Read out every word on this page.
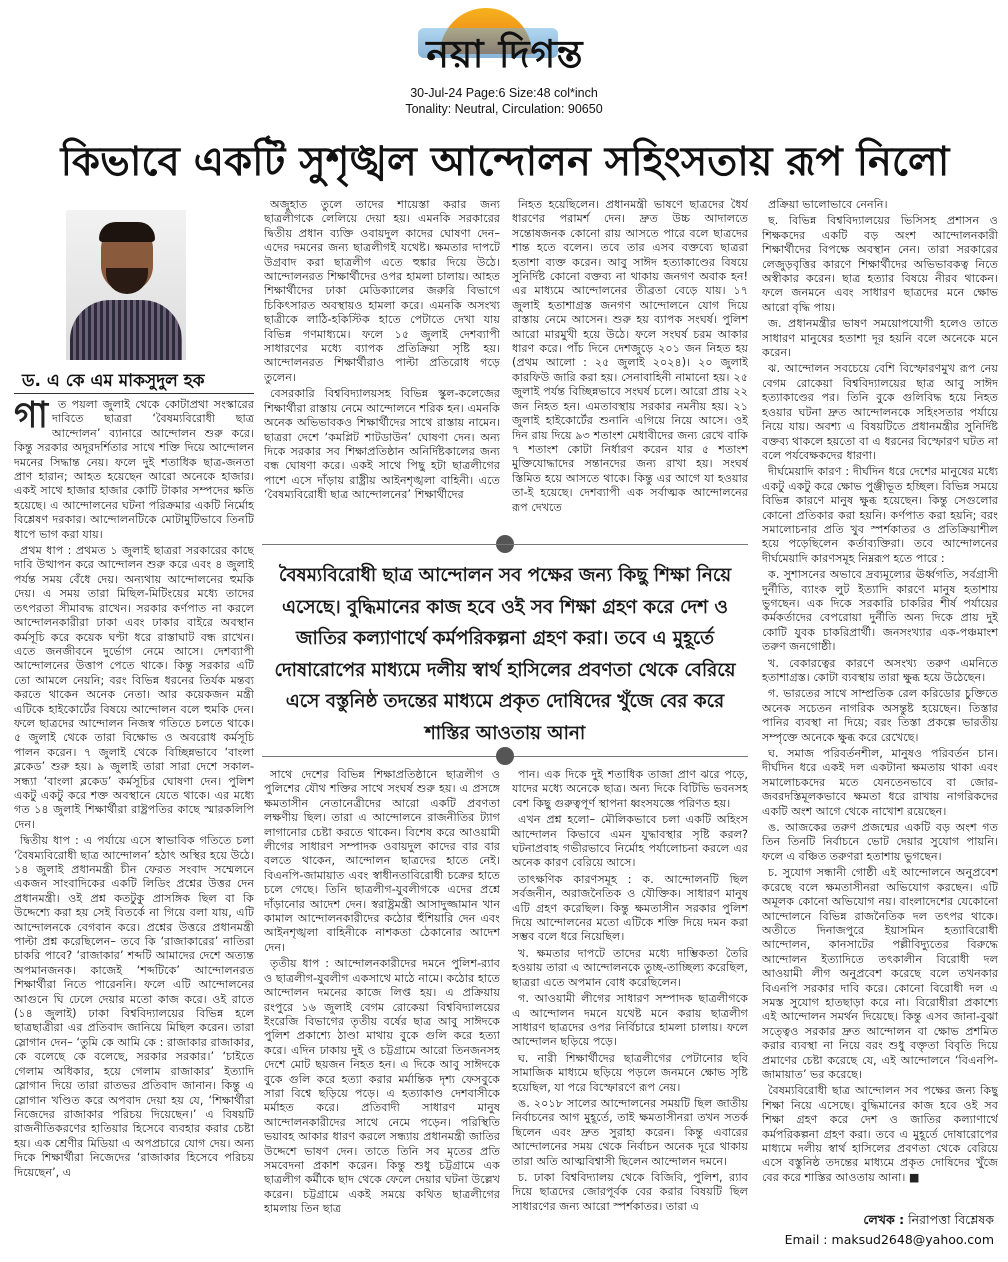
নয়া দিগন্ত
30-Jul-24 Page:6 Size:48 col*inch
Tonality: Neutral, Circulation: 90650
কিভাবে একটি সুশৃঙ্খল আন্দোলন সহিংসতায় রূপ নিলো
ড. এ কে এম মাকসুদুল হক
গা ত পয়লা জুলাই থেকে কোটাপ্রথা সংস্কারের দাবিতে ছাত্ররা ‘বৈষম্যবিরোধী ছাত্র আন্দোলন’ ব্যানারে আন্দোলন শুরু করে। কিন্তু সরকার অদূরদর্শিতার সাথে শক্তি দিয়ে আন্দোলন দমনের সিদ্ধান্ত নেয়। ফলে দুই শতাধিক ছাত্র-জনতা প্রাণ হারান; আহত হয়েছেন আরো অনেকে হাজার। একই সাথে হাজার হাজার কোটি টাকার সম্পদের ক্ষতি হয়েছে। এ আন্দোলনের ঘটনা পরিক্রমার একটি নির্মোহ বিশ্লেষণ দরকার। আন্দোলনটিকে মোটামুটিভাবে তিনটি ধাপে ভাগ করা যায়।

প্রথম ধাপ : প্রথমত ১ জুলাই ছাত্ররা সরকারের কাছে দাবি উত্থাপন করে আন্দোলন শুরু করে এবং ৪ জুলাই পর্যন্ত সময় বেঁধে দেয়। অন্যথায় আন্দোলনের হুমকি দেয়। এ সময় তারা মিছিল-মিটিংয়ের মধ্যে তাদের তৎপরতা সীমাবদ্ধ রাখেন। সরকার কর্ণপাত না করলে আন্দোলনকারীরা ঢাকা এবং ঢাকার বাইরে অবস্থান কর্মসূচি করে কয়েক ঘণ্টা ধরে রাস্তাঘাট বন্ধ রাখেন। এতে জনজীবনে দুর্ভোগ নেমে আসে। দেশব্যাপী আন্দোলনের উত্তাপ পেতে থাকে। কিন্তু সরকার এটি তো আমলে নেয়নি; বরং বিভিন্ন ধরনের তির্যক মন্তব্য করতে থাকেন অনেক নেতা। আর কয়েকজন মন্ত্রী এটিকে হাইকোর্টের বিষয়ে আন্দোলন বলে হুমকি দেন। ফলে ছাত্রদের আন্দোলন নিজস্ব গতিতে চলতে থাকে। ৫ জুলাই থেকে তারা বিক্ষোভ ও অবরোধ কর্মসূচি পালন করেন। ৭ জুলাই থেকে বিচ্ছিন্নভাবে ‘বাংলা ব্লকেড’ শুরু হয়। ৯ জুলাই তারা সারা দেশে সকাল-সন্ধ্যা ‘বাংলা ব্লকেড’ কর্মসূচির ঘোষণা দেন। পুলিশ একটু একটু করে শক্ত অবস্থানে যেতে থাকে। এর মধ্যে গত ১৪ জুলাই শিক্ষার্থীরা রাষ্ট্রপতির কাছে স্মারকলিপি দেন।

দ্বিতীয় ধাপ : এ পর্যায়ে এসে স্বাভাবিক গতিতে চলা ‘বৈষম্যবিরোধী ছাত্র আন্দোলন’ হঠাৎ অস্থির হয়ে উঠে। ১৪ জুলাই প্রধানমন্ত্রী চীন ফেরত সংবাদ সম্মেলনে একজন সাংবাদিকের একটি লিডিং প্রশ্নের উত্তর দেন প্রধানমন্ত্রী। ওই প্রশ্ন কতটুকু প্রাসঙ্গিক ছিল বা কি উদ্দেশ্যে করা হয় সেই বিতর্কে না গিয়ে বলা যায়, এটি আন্দোলনকে বেগবান করে। প্রশ্নের উত্তরে প্রধানমন্ত্রী পাল্টা প্রশ্ন করেছিলেন– তবে কি ‘রাজাকারের’ নাতিরা চাকরি পাবে? ‘রাজাকার’ শব্দটি আমাদের দেশে অত্যন্ত অপমানজনক। কাজেই ‘শব্দটিকে’ আন্দোলনরত শিক্ষার্থীরা নিতে পারেননি। ফলে এটি আন্দোলনের আগুনে ঘি ঢেলে দেয়ার মতো কাজ করে। ওই রাতে (১৪ জুলাই) ঢাকা বিশ্ববিদ্যালয়ের বিভিন্ন হলে ছাত্রছাত্রীরা এর প্রতিবাদ জানিয়ে মিছিল করেন। তারা স্লোগান দেন– ‘তুমি কে আমি কে : রাজাকার রাজাকার, কে বলেছে কে বলেছে, সরকার সরকার।’ ‘চাইতে গেলাম অধিকার, হয়ে গেলাম রাজাকার’ ইত্যাদি স্লোগান দিয়ে তারা রাতভর প্রতিবাদ জানান। কিন্তু এ স্লোগান খণ্ডিত করে অপবাদ দেয়া হয় যে, ‘শিক্ষার্থীরা নিজেদের রাজাকার পরিচয় দিয়েছেন।’ এ বিষয়টি রাজনীতিকরণের হাতিয়ার হিসেবে ব্যবহার করার চেষ্টা হয়। এক শ্রেণীর মিডিয়া এ অপপ্রচারে যোগ দেয়। অন্য দিকে শিক্ষার্থীরা নিজেদের ‘রাজাকার হিসেবে পরিচয় দিয়েছেন’, এ

অজুহাত তুলে তাদের শায়েস্তা করার জন্য ছাত্রলীগকে লেলিয়ে দেয়া হয়। এমনকি সরকারের দ্বিতীয় প্রধান ব্যক্তি ওবায়দুল কাদের ঘোষণা দেন– এদের দমনের জন্য ছাত্রলীগই যথেষ্ট। ক্ষমতার দাপটে উগ্রবাদ করা ছাত্রলীগ এতে হুঙ্কার দিয়ে উঠে। আন্দোলনরত শিক্ষার্থীদের ওপর হামলা চালায়। আহত শিক্ষার্থীদের ঢাকা মেডিক্যালের জরুরি বিভাগে চিকিৎসারত অবস্থায়ও হামলা করে। এমনকি অসংখ্য ছাত্রীকে লাঠি-হকিস্টিক হাতে পেটাতে দেখা যায় বিভিন্ন গণমাধ্যমে। ফলে ১৫ জুলাই দেশব্যাপী সাধারণের মধ্যে ব্যাপক প্রতিক্রিয়া সৃষ্টি হয়। আন্দোলনরত শিক্ষার্থীরাও পাল্টা প্রতিরোধ গড়ে তুলেন।

বেসরকারি বিশ্ববিদ্যালয়সহ বিভিন্ন স্কুল-কলেজের শিক্ষার্থীরা রাস্তায় নেমে আন্দোলনে শরিক হন। এমনকি অনেক অভিভাবকও শিক্ষার্থীদের সাথে রাস্তায় নামেন। ছাত্ররা দেশে ‘কমপ্লিট শাটডাউন’ ঘোষণা দেন। অন্য দিকে সরকার সব শিক্ষাপ্রতিষ্ঠান অনির্দিষ্টকালের জন্য বন্ধ ঘোষণা করে। একই সাথে পিছু হটা ছাত্রলীগের পাশে এসে দাঁড়ায় রাষ্ট্রীয় আইনশৃঙ্খলা বাহিনী। এতে ‘বৈষম্যবিরোধী ছাত্র আন্দোলনের’ শিক্ষার্থীদের

নিহত হয়েছিলেন। প্রধানমন্ত্রী ভাষণে ছাত্রদের ধৈর্য ধারণের পরামর্শ দেন। দ্রুত উচ্চ আদালতে সন্তোষজনক কোনো রায় আসতে পারে বলে ছাত্রদের শান্ত হতে বলেন। তবে তার এসব বক্তব্যে ছাত্ররা হতাশা ব্যক্ত করেন। আবু সাঈদ হত্যাকাণ্ডের বিষয়ে সুনির্দিষ্ট কোনো বক্তব্য না থাকায় জনগণ অবাক হন! এর মাধ্যমে আন্দোলনের তীব্রতা বেড়ে যায়। ১৭ জুলাই হতাশাগ্রস্ত জনগণ আন্দোলনে যোগ দিয়ে রাস্তায় নেমে আসেন। শুরু হয় ব্যাপক সংঘর্ষ। পুলিশ আরো মারমুখী হয়ে উঠে। ফলে সংঘর্ষ চরম আকার ধারণ করে। পাঁচ দিনে দেশজুড়ে ২০১ জন নিহত হয় (প্রথম আলো : ২৫ জুলাই ২০২৪)। ২০ জুলাই কারফিউ জারি করা হয়। সেনাবাহিনী নামানো হয়। ২৫ জুলাই পর্যন্ত বিচ্ছিন্নভাবে সংঘর্ষ চলে। আরো প্রায় ২২ জন নিহত হন। এমতাবস্থায় সরকার নমনীয় হয়। ২১ জুলাই হাইকোর্টের শুনানি এগিয়ে নিয়ে আসে। ওই দিন রায় দিয়ে ৯৩ শতাংশ মেধাবীদের জন্য রেখে বাকি ৭ শতাংশ কোটা নির্ধারণ করেন যার ৫ শতাংশ মুক্তিযোদ্ধাদের সন্তানদের জন্য রাখা হয়। সংঘর্ষ স্তিমিত হয়ে আসতে থাকে। কিন্তু এর আগে যা হওয়ার তা-ই হয়েছে। দেশব্যাপী এক সর্বাত্মক আন্দোলনের রূপ দেখতে

বৈষম্যবিরোধী ছাত্র আন্দোলন সব পক্ষের জন্য কিছু শিক্ষা নিয়ে এসেছে। বুদ্ধিমানের কাজ হবে ওই সব শিক্ষা গ্রহণ করে দেশ ও জাতির কল্যাণার্থে কর্মপরিকল্পনা গ্রহণ করা। তবে এ মুহূর্তে দোষারোপের মাধ্যমে দলীয় স্বার্থ হাসিলের প্রবণতা থেকে বেরিয়ে এসে বস্তুনিষ্ঠ তদন্তের মাধ্যমে প্রকৃত দোষিদের খুঁজে বের করে শাস্তির আওতায় আনা

সাথে দেশের বিভিন্ন শিক্ষাপ্রতিষ্ঠানে ছাত্রলীগ ও পুলিশের যৌথ শক্তির সাথে সংঘর্ষ শুরু হয়। এ প্রসঙ্গে ক্ষমতাসীন নেতানেত্রীদের আরো একটি প্রবণতা লক্ষণীয় ছিল। তারা এ আন্দোলনে রাজনীতির ট্যাগ লাগানোর চেষ্টা করতে থাকেন। বিশেষ করে আওয়ামী লীগের সাধারণ সম্পাদক ওবায়দুল কাদের বার বার বলতে থাকেন, আন্দোলন ছাত্রদের হাতে নেই। বিএনপি-জামায়াত এবং স্বাধীনতাবিরোধী চক্রের হাতে চলে গেছে। তিনি ছাত্রলীগ-যুবলীগকে এদের প্রশ্নে দাঁড়ানোর আদেশ দেন। স্বরাষ্ট্রমন্ত্রী আসাদুজ্জামান খান কামাল আন্দোলনকারীদের কঠোর হুঁশিয়ারি দেন এবং আইনশৃঙ্খলা বাহিনীকে নাশকতা ঠেকানোর আদেশ দেন।

তৃতীয় ধাপ : আন্দোলনকারীদের দমনে পুলিশ-র‍্যাব ও ছাত্রলীগ-যুবলীগ একসাথে মাঠে নামে। কঠোর হাতে আন্দোলন দমনের কাজে লিপ্ত হয়। এ প্রক্রিয়ায় রংপুরে ১৬ জুলাই বেগম রোকেয়া বিশ্ববিদ্যালয়ের ইংরেজি বিভাগের তৃতীয় বর্ষের ছাত্র আবু সাঈদকে পুলিশ প্রকাশ্যে ঠাণ্ডা মাথায় বুকে গুলি করে হত্যা করে। এদিন ঢাকায় দুই ও চট্টগ্রামে আরো তিনজনসহ দেশে মোট ছয়জন নিহত হন। এ দিকে আবু সাঈদকে বুকে গুলি করে হত্যা করার মর্মান্তিক দৃশ্য ফেসবুকে সারা বিশ্বে ছড়িয়ে পড়ে। এ হত্যাকাণ্ড দেশবাসীকে মর্মাহত করে। প্রতিবাদী সাধারণ মানুষ আন্দোলনকারীদের সাথে নেমে পড়েন। পরিস্থিতি ভয়াবহ আকার ধারণ করলে সন্ধ্যায় প্রধানমন্ত্রী জাতির উদ্দেশে ভাষণ দেন। তাতে তিনি সব মৃতের প্রতি সমবেদনা প্রকাশ করেন। কিন্তু শুধু চট্টগ্রামে এক ছাত্রলীগ কর্মীকে ছাদ থেকে ফেলে দেয়ার ঘটনা উল্লেখ করেন। চট্টগ্রামে একই সময়ে কথিত ছাত্রলীগের হামলায় তিন ছাত্র

পান। এক দিকে দুই শতাধিক তাজা প্রাণ ঝরে পড়ে, যাদের মধ্যে অনেকে ছাত্র। অন্য দিকে বিটিভি ভবনসহ বেশ কিছু গুরুত্বপূর্ণ স্থাপনা ধ্বংসযজ্ঞে পরিণত হয়।

এখন প্রশ্ন হলো– মৌলিকভাবে চলা একটি অহিংস আন্দোলন কিভাবে এমন যুদ্ধাবস্থার সৃষ্টি করল? ঘটনাপ্রবাহ গভীরভাবে নির্মোহ পর্যালোচনা করলে এর অনেক কারণ বেরিয়ে আসে।

তাৎক্ষণিক কারণসমূহ : ক. আন্দোলনটি ছিল সর্বজনীন, অরাজনৈতিক ও যৌক্তিক। সাধারণ মানুষ এটি গ্রহণ করেছিল। কিন্তু ক্ষমতাসীন সরকার পুলিশ দিয়ে আন্দোলনের মতো এটিকে শক্তি দিয়ে দমন করা সম্ভব বলে ধরে নিয়েছিল।

খ. ক্ষমতার দাপটে তাদের মধ্যে দাম্ভিকতা তৈরি হওয়ায় তারা এ আন্দোলনকে তুচ্ছ-তাচ্ছিল্য করেছিল, ছাত্ররা এতে অপমান বোধ করেছিলেন।

গ. আওয়ামী লীগের সাধারণ সম্পাদক ছাত্রলীগকে এ আন্দোলন দমনে যথেষ্ট মনে করায় ছাত্রলীগ সাধারণ ছাত্রদের ওপর নির্বিচারে হামলা চালায়। ফলে আন্দোলন ছড়িয়ে পড়ে।

ঘ. নারী শিক্ষার্থীদের ছাত্রলীগের পেটানোর ছবি সামাজিক মাধ্যমে ছড়িয়ে পড়লে জনমনে ক্ষোভ সৃষ্টি হয়েছিল, যা পরে বিস্ফোরণে রূপ নেয়।

ঙ. ২০১৮ সালের আন্দোলনের সময়টি ছিল জাতীয় নির্বাচনের আগ মুহূর্তে, তাই ক্ষমতাসীনরা তখন সতর্ক ছিলেন এবং দ্রুত সুরাহা করেন। কিন্তু এবারের আন্দোলনের সময় থেকে নির্বাচন অনেক দূরে থাকায় তারা অতি আত্মবিশ্বাসী ছিলেন আন্দোলন দমনে।

চ. ঢাকা বিশ্ববিদ্যালয় থেকে বিজিবি, পুলিশ, র‍্যাব দিয়ে ছাত্রদের জোরপূর্বক বের করার বিষয়টি ছিল সাধারণের জন্য আরো স্পর্শকাতর। তারা এ

প্রক্রিয়া ভালোভাবে নেননি।

ছ. বিভিন্ন বিশ্ববিদ্যালয়ের ভিসিসহ প্রশাসন ও শিক্ষকদের একটি বড় অংশ আন্দোলনকারী শিক্ষার্থীদের বিপক্ষে অবস্থান নেন। তারা সরকারের লেজুড়বৃত্তির কারণে শিক্ষার্থীদের অভিভাবকত্ব নিতে অস্বীকার করেন। ছাত্র হত্যার বিষয়ে নীরব থাকেন। ফলে জনমনে এবং সাধারণ ছাত্রদের মনে ক্ষোভ আরো বৃদ্ধি পায়।

জ. প্রধানমন্ত্রীর ভাষণ সময়োপযোগী হলেও তাতে সাধারণ মানুষের হতাশা দূর হয়নি বলে অনেকে মনে করেন।

ঝ. আন্দোলন সবচেয়ে বেশি বিস্ফোরণমুখ রূপ নেয় বেগম রোকেয়া বিশ্ববিদ্যালয়ের ছাত্র আবু সাঈদ হত্যাকাণ্ডের পর। তিনি বুকে গুলিবিদ্ধ হয়ে নিহত হওয়ার ঘটনা দ্রুত আন্দোলনকে সহিংসতার পর্যায়ে নিয়ে যায়। অবশ্য এ বিষয়টিতে প্রধানমন্ত্রীর সুনির্দিষ্ট বক্তব্য থাকলে হয়তো বা এ ধরনের বিস্ফোরণ ঘটত না বলে পর্যবেক্ষকদের ধারণা।

দীর্ঘমেয়াদি কারণ : দীর্ঘদিন ধরে দেশের মানুষের মধ্যে একটু একটু করে ক্ষোভ পুঞ্জীভূত হচ্ছিল। বিভিন্ন সময়ে বিভিন্ন কারণে মানুষ ক্ষুব্ধ হয়েছেন। কিন্তু সেগুলোর কোনো প্রতিকার করা হয়নি। কর্ণপাত করা হয়নি; বরং সমালোচনার প্রতি খুব স্পর্শকাতর ও প্রতিক্রিয়াশীল হয়ে পড়েছিলেন কর্তাব্যক্তিরা। তবে আন্দোলনের দীর্ঘমেয়াদি কারণসমূহ নিম্নরূপ হতে পারে :

ক. সুশাসনের অভাবে দ্রব্যমূল্যের ঊর্ধ্বগতি, সর্বগ্রাসী দুর্নীতি, ব্যাংক লুট ইত্যাদি কারণে মানুষ হতাশায় ভুগছেন। এক দিকে সরকারি চাকরির শীর্ষ পর্যায়ের কর্মকর্তাদের বেপরোয়া দুর্নীতি অন্য দিকে প্রায় দুই কোটি যুবক চাকরিপ্রার্থী। জনসংখ্যার এক-পঞ্চমাংশ তরুণ জনগোষ্ঠী।

খ. বেকারত্বের কারণে অসংখ্য তরুণ এমনিতে হতাশাগ্রস্ত। কোটা ব্যবস্থায় তারা ক্ষুব্ধ হয়ে উঠেছেন।

গ. ভারতের সাথে সাম্প্রতিক রেল করিডোর চুক্তিতে অনেক সচেতন নাগরিক অসন্তুষ্ট হয়েছেন। তিস্তার পানির ব্যবস্থা না দিয়ে; বরং তিস্তা প্রকল্পে ভারতীয় সম্পৃক্তে অনেকে ক্ষুব্ধ করে রেখেছে।

ঘ. সমাজ পরিবর্তনশীল, মানুষও পরিবর্তন চান। দীর্ঘদিন ধরে একই দল একটানা ক্ষমতায় থাকা এবং সমালোচকদের মতে যেনতেনভাবে বা জোর-জবরদস্তিমূলকভাবে ক্ষমতা ধরে রাখায় নাগরিকদের একটি অংশ আগে থেকে নাখোশ রয়েছেন।

ঙ. আজকের তরুণ প্রজন্মের একটি বড় অংশ গত তিন তিনটি নির্বাচনে ভোট দেয়ার সুযোগ পায়নি। ফলে এ বঞ্চিত তরুণরা হতাশায় ভুগছেন।

চ. সুযোগ সন্ধানী গোষ্ঠী এই আন্দোলনে অনুপ্রবেশ করেছে বলে ক্ষমতাসীনরা অভিযোগ করছেন। এটি অমূলক কোনো অভিযোগ নয়। বাংলাদেশের যেকোনো আন্দোলনে বিভিন্ন রাজনৈতিক দল তৎপর থাকে। অতীতে দিনাজপুরে ইয়াসমিন হত্যাবিরোধী আন্দোলন, কানসাটের পল্লীবিদ্যুতের বিরুদ্ধে আন্দোলন ইত্যাদিতে তৎকালীন বিরোধী দল আওয়ামী লীগ অনুপ্রবেশ করেছে বলে তখনকার বিএনপি সরকার দাবি করে। কোনো বিরোধী দল এ সমস্ত সুযোগ হাতছাড়া করে না। বিরোধীরা প্রকাশ্যে এই আন্দোলন সমর্থন দিয়েছে। কিন্তু এসব জানা-বুঝা সত্ত্বেও সরকার দ্রুত আন্দোলন বা ক্ষোভ প্রশমিত করার ব্যবস্থা না নিয়ে বরং শুধু বক্তৃতা বিবৃতি দিয়ে প্রমাণের চেষ্টা করেছে যে, এই আন্দোলনে ‘বিএনপি-জামায়াত’ ভর করেছে।

বৈষম্যবিরোধী ছাত্র আন্দোলন সব পক্ষের জন্য কিছু শিক্ষা নিয়ে এসেছে। বুদ্ধিমানের কাজ হবে ওই সব শিক্ষা গ্রহণ করে দেশ ও জাতির কল্যাণার্থে কর্মপরিকল্পনা গ্রহণ করা। তবে এ মুহূর্তে দোষারোপের মাধ্যমে দলীয় স্বার্থ হাসিলের প্রবণতা থেকে বেরিয়ে এসে বস্তুনিষ্ঠ তদন্তের মাধ্যমে প্রকৃত দোষিদের খুঁজে বের করে শাস্তির আওতায় আনা। ■

লেখক : নিরাপত্তা বিশ্লেষক
Email : maksud2648@yahoo.com
